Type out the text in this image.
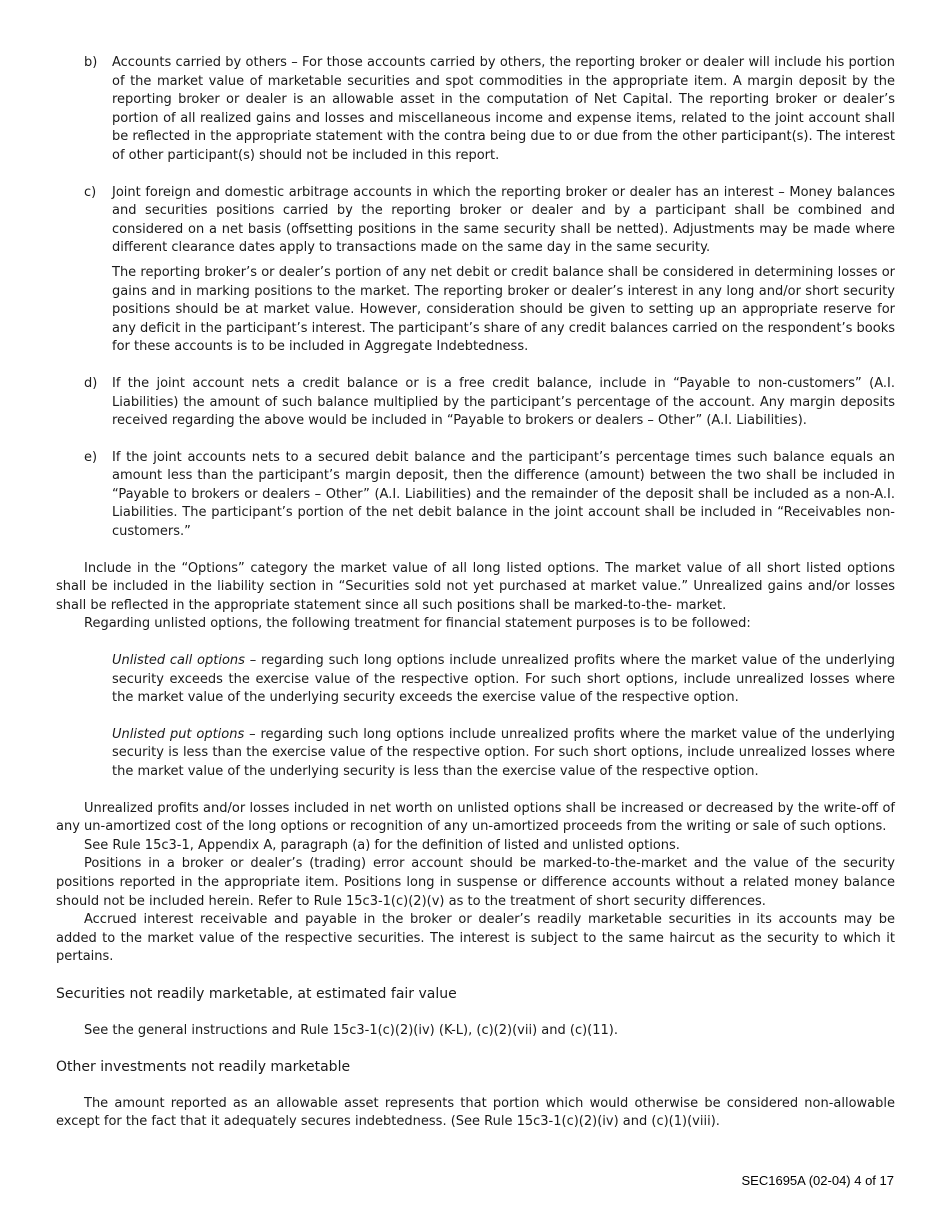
b)	Accounts carried by others – For those accounts carried by others, the reporting broker or dealer will include his portion of the market value of marketable securities and spot commodities in the appropriate item. A margin deposit by the reporting broker or dealer is an allowable asset in the computation of Net Capital. The reporting broker or dealer’s portion of all realized gains and losses and miscellaneous income and expense items, related to the joint account shall be reflected in the appropriate statement with the contra being due to or due from the other participant(s). The interest of other participant(s) should not be included in this report.

c)	Joint foreign and domestic arbitrage accounts in which the reporting broker or dealer has an interest – Money balances and securities positions carried by the reporting broker or dealer and by a participant shall be combined and considered on a net basis (offsetting positions in the same security shall be netted). Adjustments may be made where different clearance dates apply to transactions made on the same day in the same security.

The reporting broker’s or dealer’s portion of any net debit or credit balance shall be considered in determining losses or gains and in marking positions to the market. The reporting broker or dealer’s interest in any long and/or short security positions should be at market value. However, consideration should be given to setting up an appropriate reserve for any deficit in the participant’s interest. The participant’s share of any credit balances carried on the respondent’s books for these accounts is to be included in Aggregate Indebtedness.

d)	If the joint account nets a credit balance or is a free credit balance, include in “Payable to non-customers” (A.I. Liabilities) the amount of such balance multiplied by the participant’s percentage of the account. Any margin deposits received regarding the above would be included in “Payable to brokers or dealers – Other” (A.I. Liabilities).

e)	If the joint accounts nets to a secured debit balance and the participant’s percentage times such balance equals an amount less than the participant’s margin deposit, then the difference (amount) between the two shall be included in “Payable to brokers or dealers – Other” (A.I. Liabilities) and the remainder of the deposit shall be included as a non-A.I. Liabilities. The participant’s portion of the net debit balance in the joint account shall be included in “Receivables non-customers.”

Include in the “Options” category the market value of all long listed options. The market value of all short listed options shall be included in the liability section in “Securities sold not yet purchased at market value.” Unrealized gains and/or losses shall be reflected in the appropriate statement since all such positions shall be marked-to-the- market.

Regarding unlisted options, the following treatment for financial statement purposes is to be followed:

Unlisted call options – regarding such long options include unrealized profits where the market value of the underlying security exceeds the exercise value of the respective option. For such short options, include unrealized losses where the market value of the underlying security exceeds the exercise value of the respective option.

Unlisted put options – regarding such long options include unrealized profits where the market value of the underlying security is less than the exercise value of the respective option. For such short options, include unrealized losses where the market value of the underlying security is less than the exercise value of the respective option.

Unrealized profits and/or losses included in net worth on unlisted options shall be increased or decreased by the write-off of any un-amortized cost of the long options or recognition of any un-amortized proceeds from the writing or sale of such options.

See Rule 15c3-1, Appendix A, paragraph (a) for the definition of listed and unlisted options.

Positions in a broker or dealer’s (trading) error account should be marked-to-the-market and the value of the security positions reported in the appropriate item. Positions long in suspense or difference accounts without a related money balance should not be included herein. Refer to Rule 15c3-1(c)(2)(v) as to the treatment of short security differences.

Accrued interest receivable and payable in the broker or dealer’s readily marketable securities in its accounts may be added to the market value of the respective securities. The interest is subject to the same haircut as the security to which it pertains.

Securities not readily marketable, at estimated fair value

See the general instructions and Rule 15c3-1(c)(2)(iv) (K-L), (c)(2)(vii) and (c)(11).

Other investments not readily marketable

The amount reported as an allowable asset represents that portion which would otherwise be considered non-allowable except for the fact that it adequately secures indebtedness. (See Rule 15c3-1(c)(2)(iv) and (c)(1)(viii).

SEC1695A (02-04) 4 of 17
